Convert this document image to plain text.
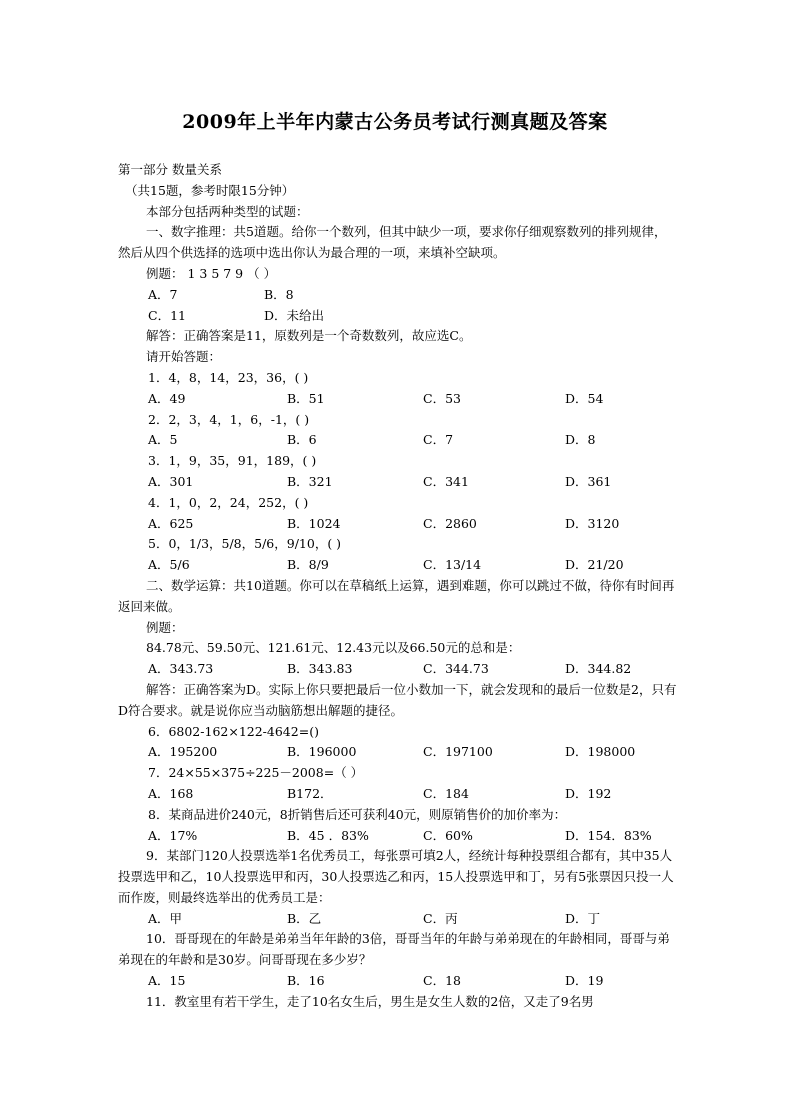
2009年上半年内蒙古公务员考试行测真题及答案
第一部分 数量关系
（共15题，参考时限15分钟）
本部分包括两种类型的试题：
一、数字推理：共5道题。给你一个数列，但其中缺少一项，要求你仔细观察数列的排列规律，然后从四个供选择的选项中选出你认为最合理的一项，来填补空缺项。
例题： 1 3 5 7 9 （ ）
A．7	B．8
C．11	D．未给出
解答：正确答案是11，原数列是一个奇数数列，故应选C。
请开始答题：
1．4，8，14，23，36，( )
A．49	B．51	C．53	D．54
2．2，3，4，1，6，-1，( )
A．5	B．6	C．7	D．8
3．1，9，35，91，189，( )
A．301	B．321	C．341	D．361
4．1，0，2，24，252，( )
A．625	B．1024	C．2860	D．3120
5．0，1/3，5/8，5/6，9/10，( )
A．5/6	B．8/9	C．13/14	D．21/20
二、数学运算：共10道题。你可以在草稿纸上运算，遇到难题，你可以跳过不做，待你有时间再返回来做。
例题：
84.78元、59.50元、121.61元、12.43元以及66.50元的总和是：
A．343.73	B．343.83	C．344.73	D．344.82
解答：正确答案为D。实际上你只要把最后一位小数加一下，就会发现和的最后一位数是2，只有D符合要求。就是说你应当动脑筋想出解题的捷径。
6．6802-162×122-4642=()
A．195200	B．196000	C．197100	D．198000
7．24×55×375÷225－2008=（ ）
A．168	B172．	C．184	D．192
8．某商品进价240元，8折销售后还可获利40元，则原销售价的加价率为：
A．17%	B．45 ．83%	C．60%	D．154．83%
9．某部门120人投票选举1名优秀员工，每张票可填2人，经统计每种投票组合都有，其中35人投票选甲和乙，10人投票选甲和丙，30人投票选乙和丙，15人投票选甲和丁，另有5张票因只投一人而作废，则最终选举出的优秀员工是：
A．甲	B．乙	C．丙	D．丁
10．哥哥现在的年龄是弟弟当年年龄的3倍，哥哥当年的年龄与弟弟现在的年龄相同，哥哥与弟弟现在的年龄和是30岁。问哥哥现在多少岁？
A．15	B．16	C．18	D．19
11．教室里有若干学生，走了10名女生后，男生是女生人数的2倍，又走了9名男
